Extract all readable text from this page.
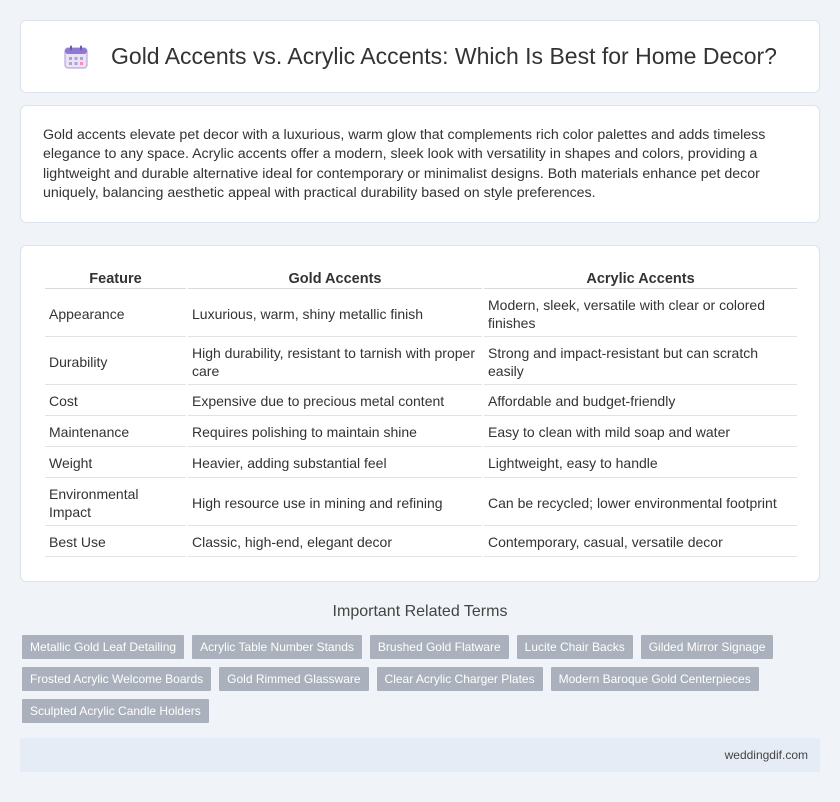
Gold Accents vs. Acrylic Accents: Which Is Best for Home Decor?

Gold accents elevate pet decor with a luxurious, warm glow that complements rich color palettes and adds timeless elegance to any space. Acrylic accents offer a modern, sleek look with versatility in shapes and colors, providing a lightweight and durable alternative ideal for contemporary or minimalist designs. Both materials enhance pet decor uniquely, balancing aesthetic appeal with practical durability based on style preferences.

Feature	Gold Accents	Acrylic Accents
Appearance	Luxurious, warm, shiny metallic finish	Modern, sleek, versatile with clear or colored finishes
Durability	High durability, resistant to tarnish with proper care	Strong and impact-resistant but can scratch easily
Cost	Expensive due to precious metal content	Affordable and budget-friendly
Maintenance	Requires polishing to maintain shine	Easy to clean with mild soap and water
Weight	Heavier, adding substantial feel	Lightweight, easy to handle
Environmental Impact	High resource use in mining and refining	Can be recycled; lower environmental footprint
Best Use	Classic, high-end, elegant decor	Contemporary, casual, versatile decor
Important Related Terms
Metallic Gold Leaf Detailing	Acrylic Table Number Stands	Brushed Gold Flatware	Lucite Chair Backs	Gilded Mirror Signage
Frosted Acrylic Welcome Boards	Gold Rimmed Glassware	Clear Acrylic Charger Plates	Modern Baroque Gold Centerpieces
Sculpted Acrylic Candle Holders
weddingdif.com
